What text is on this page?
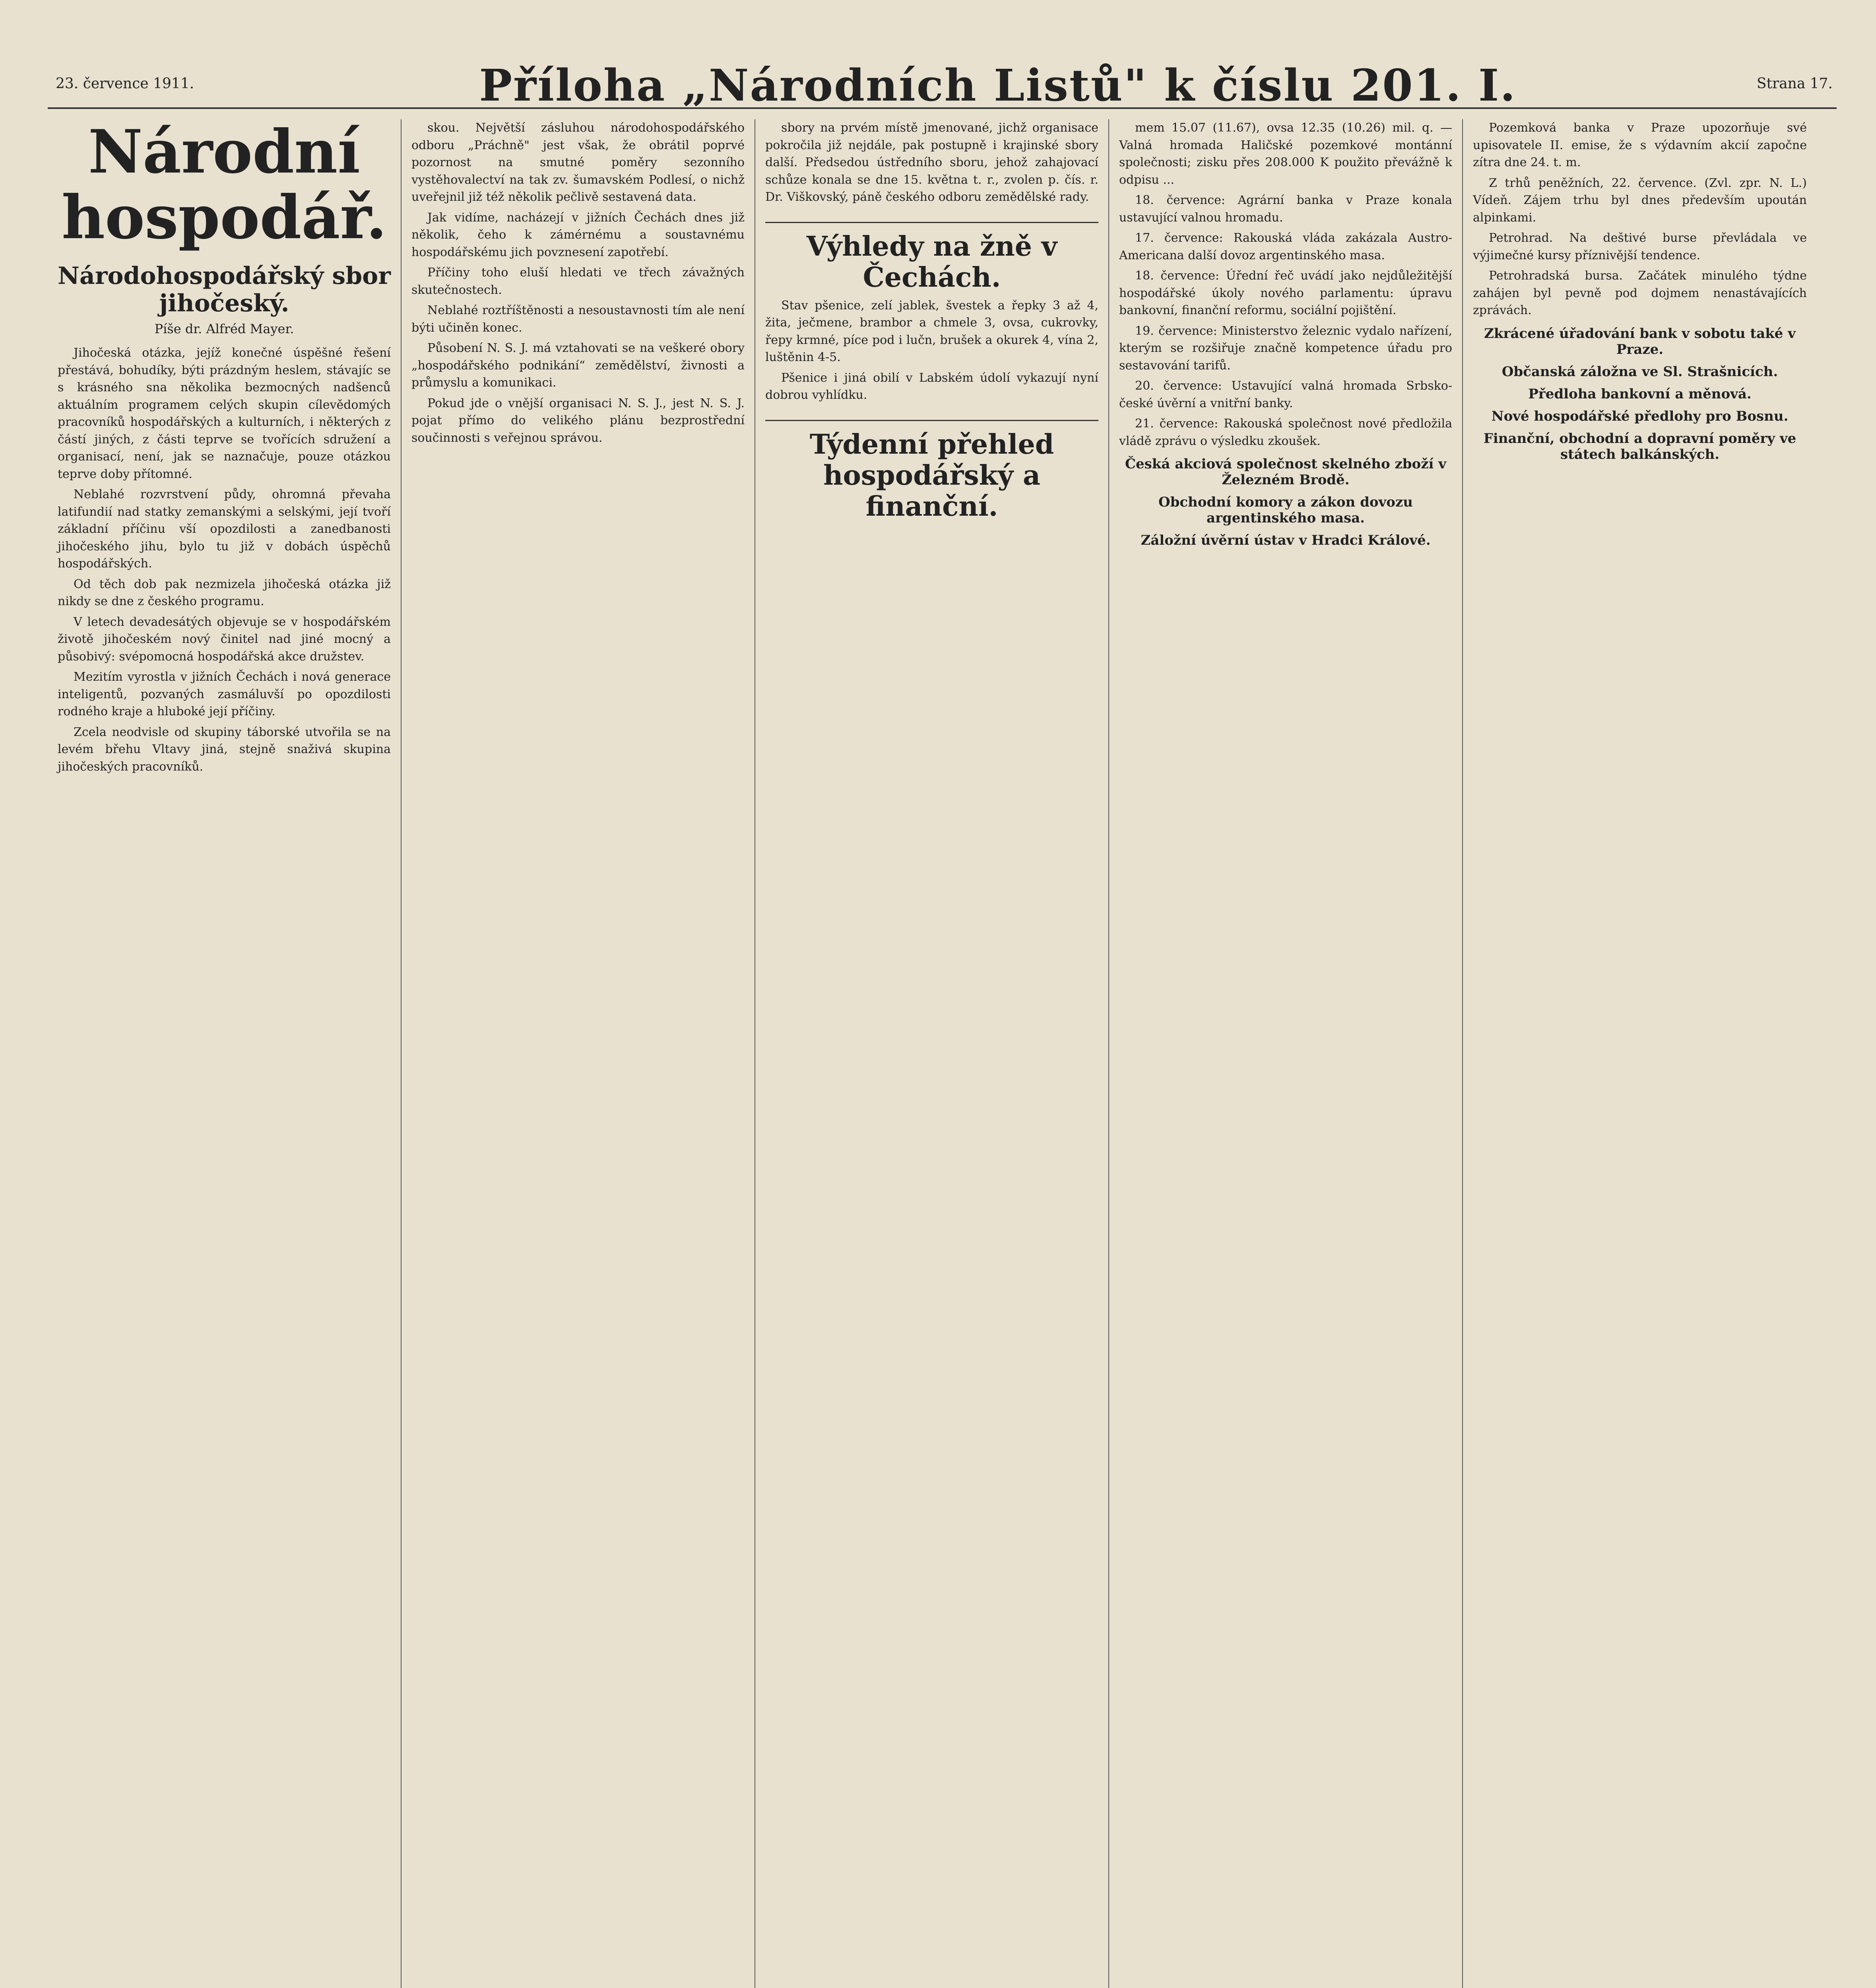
23. července 1911.	Příloha „Národních Listů" k číslu 201. I.	Strana 17.
Národní hospodář.
Národohospodářský sbor jihočeský.
Píše dr. Alfréd Mayer.

Jihočeská otázka, jejíž konečné úspěšné řešení přestává, bohudíky, býti prázdným heslem, stávajíc se s krásného sna několika bezmocných nadšenců aktuálním programem celých skupin cílevědomých pracovníků hospodářských a kulturních, i některých z částí jiných, z části teprve se tvořících sdružení a organisací, není, jak se naznačuje, pouze otázkou teprve doby přítomné.

Neblahé rozvrstvení půdy, ohromná převaha latifundií nad statky zemanskými a selskými, její tvoří základní příčinu vší opozdilosti a zanedbanosti jihočeského jihu, bylo tu již v dobách úspěchů hospodářských.

Od těch dob pak nezmizela jihočeská otázka již nikdy se dne z českého programu.

V letech devadesátých objevuje se v hospodářském životě jihočeském nový činitel nad jiné mocný a působivý: svépomocná hospodářská akce družstev.

Mezitím vyrostla v jižních Čechách i nová generace inteligentů, pozvaných zasmáluvší po opozdilosti rodného kraje a hluboké její příčiny.

Zcela neodvisle od skupiny táborské utvořila se na levém břehu Vltavy jiná, stejně snaživá skupina jihočeských pracovníků.

skou. Největší zásluhou národohospodářského odboru „Práchně" jest však, že obrátil poprvé pozornost na smutné poměry sezonního vystěhovalectví na tak zv. šumavském Podlesí, o nichž uveřejnil již též několik pečlivě sestavená data.

Jak vidíme, nacházejí v jižních Čechách dnes již několik, čeho k zámérnému a soustavnému hospodářskému jich povznesení zapotřebí.

Příčiny toho eluší hledati ve třech závažných skutečnostech.

Neblahé roztříštěnosti a nesoustavnosti tím ale není býti učiněn konec.

Působení N. S. J. má vztahovati se na veškeré obory „hospodářského podnikání“ zemědělství, živnosti a průmyslu a komunikaci.

Pokud jde o vnější organisaci N. S. J., jest N. S. J. pojat přímo do velikého plánu bezprostřední součinnosti s veřejnou správou.

sbory na prvém místě jmenované, jichž organisace pokročila již nejdále, pak postupně i krajinské sbory další. Předsedou ústředního sboru, jehož zahajovací schůze konala se dne 15. května t. r., zvolen p. čís. r. Dr. Viškovský, páně českého odboru zemědělské rady.

Výhledy na žně v Čechách.

Stav pšenice, zelí jablek, švestek a řepky 3 až 4, žita, ječmene, brambor a chmele 3, ovsa, cukrovky, řepy krmné, píce pod i lučn, brušek a okurek 4, vína 2, luštěnin 4-5.

Pšenice i jiná obilí v Labském údolí vykazují nyní dobrou vyhlídku.

Týdenní přehled hospodářský a finanční.

mem 15.07 (11.67), ovsa 12.35 (10.26) mil. q. — Valná hromada Haličské pozemkové montánní společnosti; zisku přes 208.000 K použito převážně k odpisu ...

18. července: Agrární banka v Praze konala ustavující valnou hromadu.

17. července: Rakouská vláda zakázala Austro-Americana další dovoz argentinského masa.

18. července: Úřední řeč uvádí jako nejdůležitější hospodářské úkoly nového parlamentu: úpravu bankovní, finanční reformu, sociální pojištění.

19. července: Ministerstvo železnic vydalo nařízení, kterým se rozšiřuje značně kompetence úřadu pro sestavování tarifů.

20. července: Ustavující valná hromada Srbsko-české úvěrní a vnitřní banky.

21. července: Rakouská společnost nové předložila vládě zprávu o výsledku zkoušek.

Česká akciová společnost skelného zboží v Železném Brodě.
Obchodní komory a zákon dovozu argentinského masa.
Záložní úvěrní ústav v Hradci Králové.

Pozemková banka v Praze upozorňuje své upisovatele II. emise, že s výdavním akcií započne zítra dne 24. t. m.

Z trhů peněžních, 22. července. (Zvl. zpr. N. L.) Vídeň. Zájem trhu byl dnes především upoután alpinkami.

Petrohrad. Na deštivé burse převládala ve výjimečné kursy příznivější tendence.

Petrohradská bursa. Začátek minulého týdne zahájen byl pevně pod dojmem nenastávajících zprávách.

Zkrácené úřadování bank v sobotu také v Praze.
Občanská záložna ve Sl. Strašnicích.
Předloha bankovní a měnová.
Nové hospodářské předlohy pro Bosnu.
Finanční, obchodní a dopravní poměry ve státech balkánských.
